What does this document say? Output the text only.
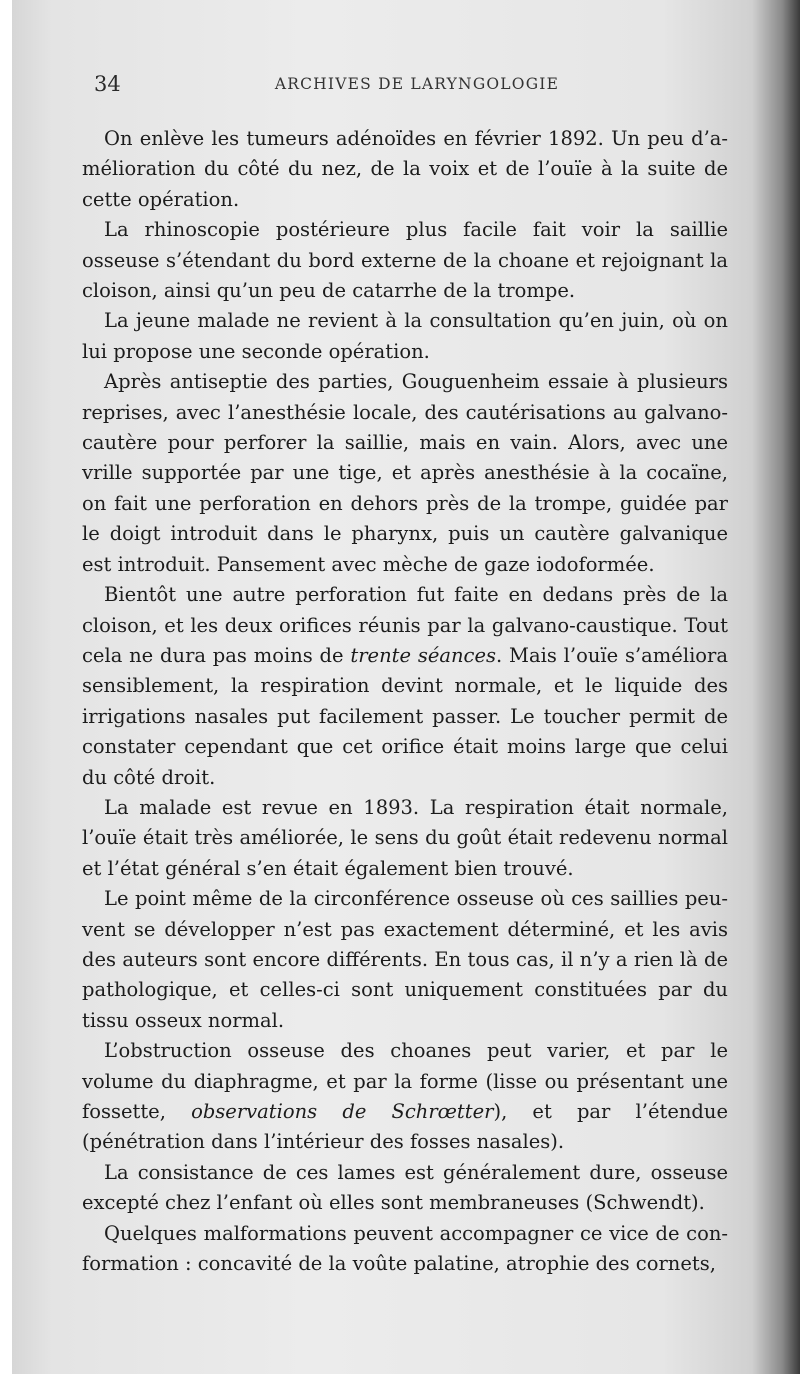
34	ARCHIVES DE LARYNGOLOGIE

On enlève les tumeurs adénoïdes en février 1892. Un peu d’amélioration du côté du nez, de la voix et de l’ouïe à la suite de cette opération.

La rhinoscopie postérieure plus facile fait voir la saillie osseuse s’étendant du bord externe de la choane et rejoignant la cloison, ainsi qu’un peu de catarrhe de la trompe.

La jeune malade ne revient à la consultation qu’en juin, où on lui propose une seconde opération.

Après antiseptie des parties, Gouguenheim essaie à plusieurs reprises, avec l’anesthésie locale, des cautérisations au galvanocautère pour perforer la saillie, mais en vain. Alors, avec une vrille supportée par une tige, et après anesthésie à la cocaïne, on fait une perforation en dehors près de la trompe, guidée par le doigt introduit dans le pharynx, puis un cautère galvanique est introduit. Pansement avec mèche de gaze iodoformée.

Bientôt une autre perforation fut faite en dedans près de la cloison, et les deux orifices réunis par la galvano-caustique. Tout cela ne dura pas moins de trente séances. Mais l’ouïe s’améliora sensiblement, la respiration devint normale, et le liquide des irrigations nasales put facilement passer. Le toucher permit de constater cependant que cet orifice était moins large que celui du côté droit.

La malade est revue en 1893. La respiration était normale, l’ouïe était très améliorée, le sens du goût était redevenu normal et l’état général s’en était également bien trouvé.

Le point même de la circonférence osseuse où ces saillies peuvent se développer n’est pas exactement déterminé, et les avis des auteurs sont encore différents. En tous cas, il n’y a rien là de pathologique, et celles-ci sont uniquement constituées par du tissu osseux normal.

L’obstruction osseuse des choanes peut varier, et par le volume du diaphragme, et par la forme (lisse ou présentant une fossette, observations de Schrœtter), et par l’étendue (pénétration dans l’intérieur des fosses nasales).

La consistance de ces lames est généralement dure, osseuse excepté chez l’enfant où elles sont membraneuses (Schwendt).

Quelques malformations peuvent accompagner ce vice de conformation : concavité de la voûte palatine, atrophie des cornets,
